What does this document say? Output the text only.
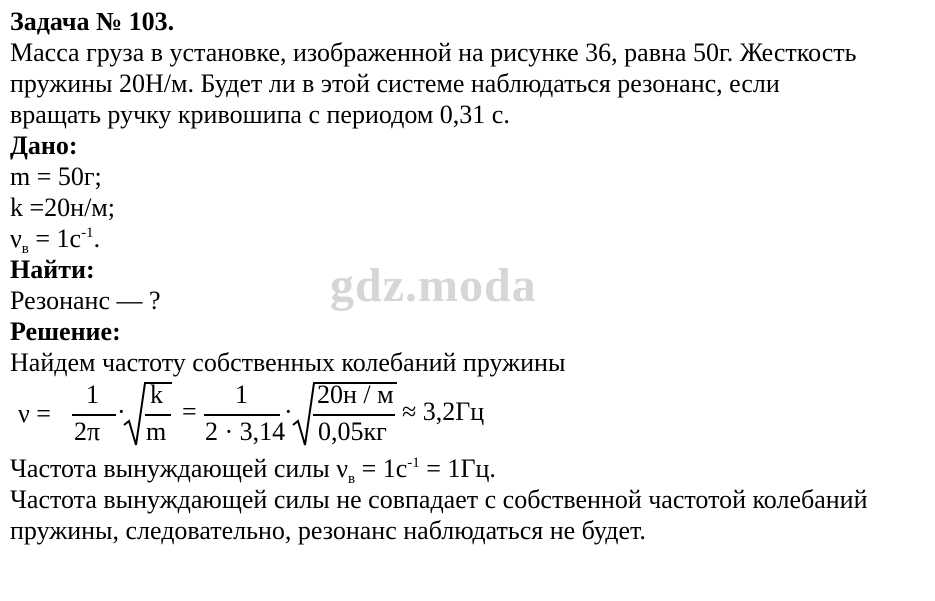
Задача № 103.
Масса груза в установке, изображенной на рисунке 36, равна 50г. Жесткость
пружины 20Н/м. Будет ли в этой системе наблюдаться резонанс, если
вращать ручку кривошипа с периодом 0,31 с.
Дано:
m = 50г;
k =20н/м;
$\nu_в = 1с^{-1}$.
Найти:
Резонанс — ?
Решение:
Найдем частоту собственных колебаний пружины
ν =
1
2π
·
k
m
=
1
2 · 3,14
·
20н / м
0,05кг
≈ 3,2Гц
Частота вынуждающей силы $\nu_в = 1с^{-1} = 1Гц$.
Частота вынуждающей силы не совпадает с собственной частотой колебаний пружины, следовательно, резонанс наблюдаться не будет.
gdz.moda
